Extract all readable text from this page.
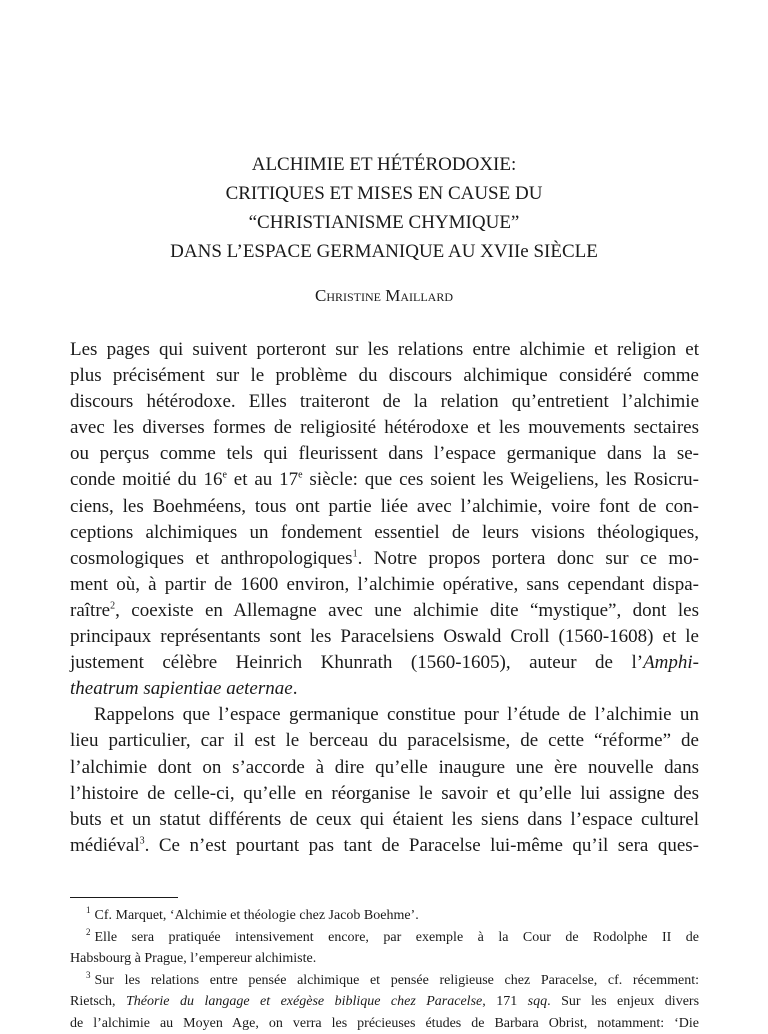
ALCHIMIE ET HÉTÉRODOXIE:
CRITIQUES ET MISES EN CAUSE DU
“CHRISTIANISME CHYMIQUE”
DANS L’ESPACE GERMANIQUE AU XVIIe SIÈCLE
Christine Maillard
Les pages qui suivent porteront sur les relations entre alchimie et religion et
plus précisément sur le problème du discours alchimique considéré comme
discours hétérodoxe. Elles traiteront de la relation qu’entretient l’alchimie
avec les diverses formes de religiosité hétérodoxe et les mouvements sectaires
ou perçus comme tels qui fleurissent dans l’espace germanique dans la se-
conde moitié du 16e et au 17e siècle: que ces soient les Weigeliens, les Rosicru-
ciens, les Boehméens, tous ont partie liée avec l’alchimie, voire font de con-
ceptions alchimiques un fondement essentiel de leurs visions théologiques,
cosmologiques et anthropologiques$^1$. Notre propos portera donc sur ce mo-
ment où, à partir de 1600 environ, l’alchimie opérative, sans cependant dispa-
raître$^2$, coexiste en Allemagne avec une alchimie dite “mystique”, dont les
principaux représentants sont les Paracelsiens Oswald Croll (1560-1608) et le
justement célèbre Heinrich Khunrath (1560-1605), auteur de l’Amphi-
theatrum sapientiae aeternae.
Rappelons que l’espace germanique constitue pour l’étude de l’alchimie un
lieu particulier, car il est le berceau du paracelsisme, de cette “réforme” de
l’alchimie dont on s’accorde à dire qu’elle inaugure une ère nouvelle dans
l’histoire de celle-ci, qu’elle en réorganise le savoir et qu’elle lui assigne des
buts et un statut différents de ceux qui étaient les siens dans l’espace culturel
médiéval$^3$. Ce n’est pourtant pas tant de Paracelse lui-même qu’il sera ques-
$^1$ Cf. Marquet, ‘Alchimie et théologie chez Jacob Boehme’.
$^2$ Elle sera pratiquée intensivement encore, par exemple à la Cour de Rodolphe II de
Habsbourg à Prague, l’empereur alchimiste.
$^3$ Sur les relations entre pensée alchimique et pensée religieuse chez Paracelse, cf. récemment:
Rietsch, Théorie du langage et exégèse biblique chez Paracelse, 171 sqq. Sur les enjeux divers
de l’alchimie au Moyen Age, on verra les précieuses études de Barbara Obrist, notamment: ‘Die
